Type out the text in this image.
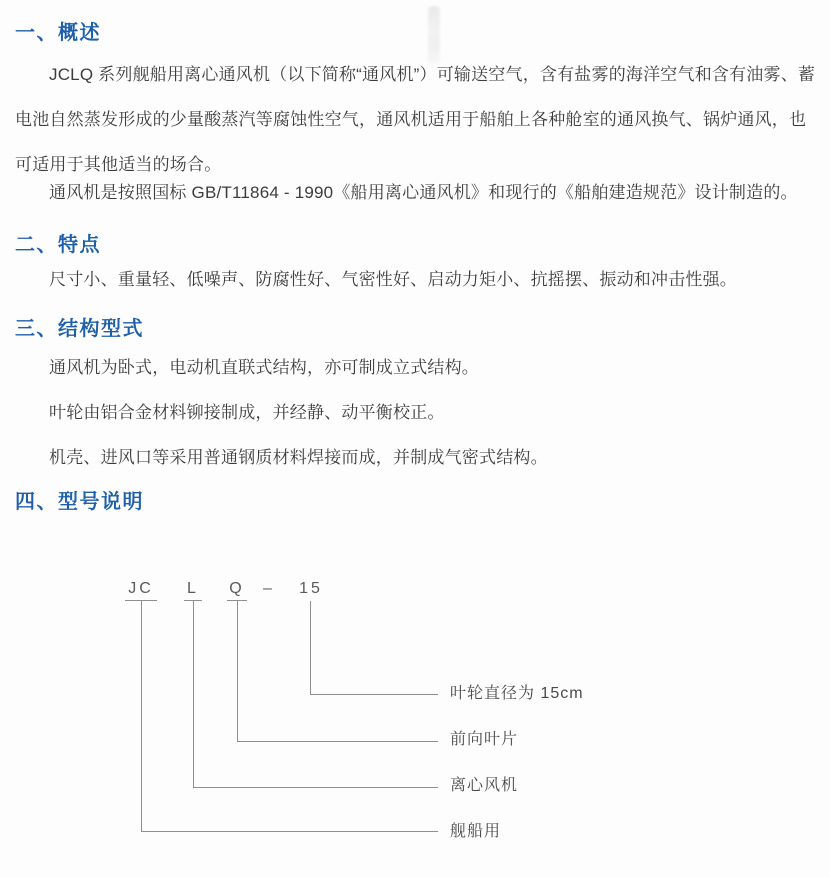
一、概述

JCLQ 系列舰船用离心通风机（以下简称“通风机”）可输送空气，含有盐雾的海洋空气和含有油雾、蓄电池自然蒸发形成的少量酸蒸汽等腐蚀性空气，通风机适用于船舶上各种舱室的通风换气、锅炉通风，也可适用于其他适当的场合。

通风机是按照国标 GB/T11864 - 1990《船用离心通风机》和现行的《船舶建造规范》设计制造的。

二、特点

尺寸小、重量轻、低噪声、防腐性好、气密性好、启动力矩小、抗摇摆、振动和冲击性强。

三、结构型式

通风机为卧式，电动机直联式结构，亦可制成立式结构。

叶轮由铝合金材料铆接制成，并经静、动平衡校正。

机壳、进风口等采用普通钢质材料焊接而成，并制成气密式结构。

四、型号说明
JC L Q – 15

叶轮直径为 15cm

前向叶片

离心风机

舰船用
